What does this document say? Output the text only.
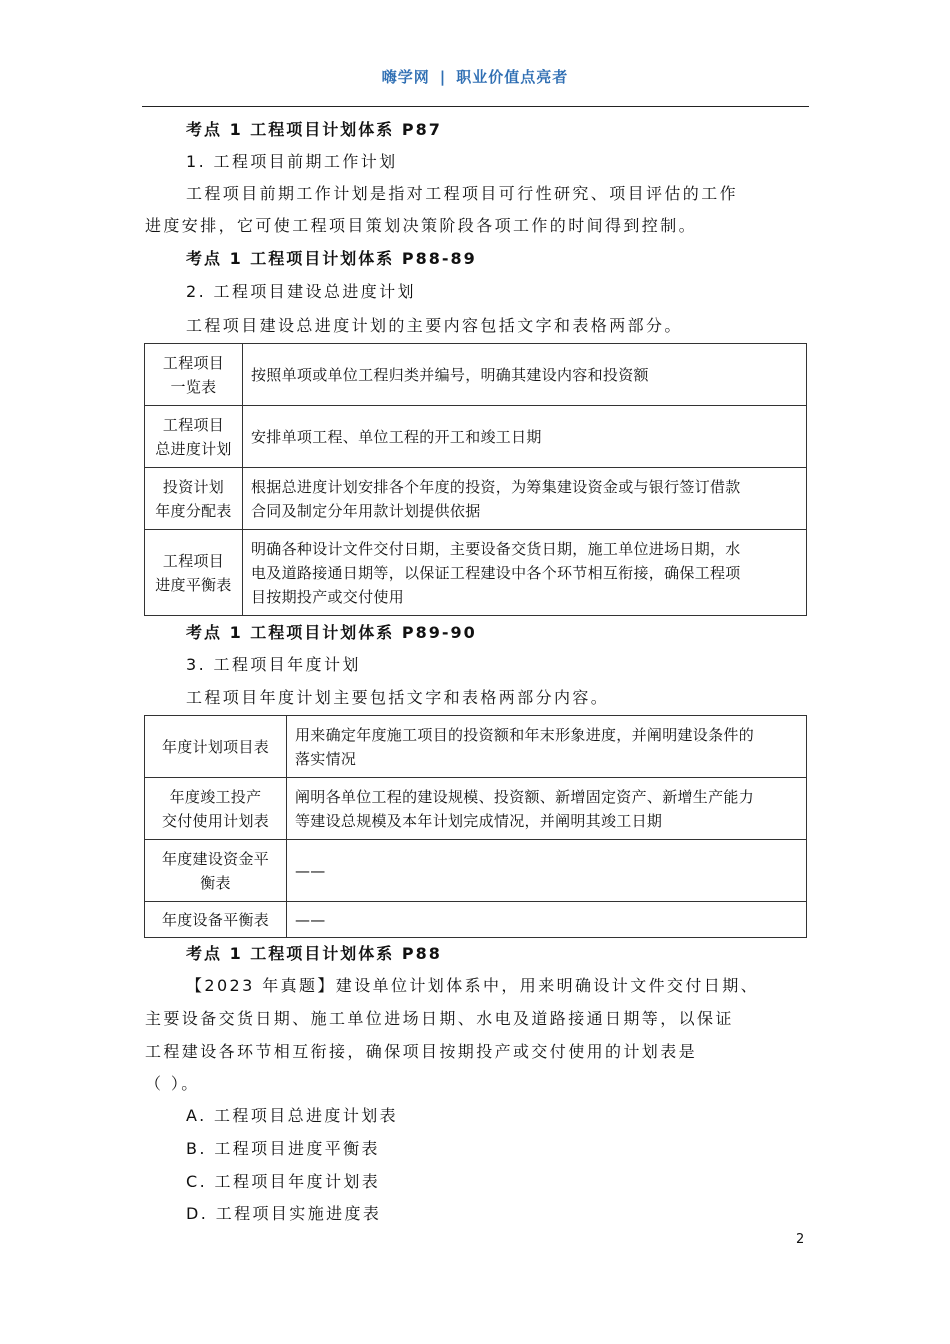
嗨学网 | 职业价值点亮者
考点 1 工程项目计划体系 P87
1. 工程项目前期工作计划
工程项目前期工作计划是指对工程项目可行性研究、项目评估的工作
进度安排，它可使工程项目策划决策阶段各项工作的时间得到控制。
考点 1 工程项目计划体系 P88-89
2. 工程项目建设总进度计划
工程项目建设总进度计划的主要内容包括文字和表格两部分。
工程项目
一览表	按照单项或单位工程归类并编号，明确其建设内容和投资额
工程项目
总进度计划	安排单项工程、单位工程的开工和竣工日期
投资计划
年度分配表	根据总进度计划安排各个年度的投资，为筹集建设资金或与银行签订借款
合同及制定分年用款计划提供依据
工程项目
进度平衡表	明确各种设计文件交付日期，主要设备交货日期，施工单位进场日期，水
电及道路接通日期等，以保证工程建设中各个环节相互衔接，确保工程项
目按期投产或交付使用
考点 1 工程项目计划体系 P89-90
3. 工程项目年度计划
工程项目年度计划主要包括文字和表格两部分内容。
年度计划项目表	用来确定年度施工项目的投资额和年末形象进度，并阐明建设条件的
落实情况
年度竣工投产
交付使用计划表	阐明各单位工程的建设规模、投资额、新增固定资产、新增生产能力
等建设总规模及本年计划完成情况，并阐明其竣工日期
年度建设资金平
衡表	——
年度设备平衡表	——
考点 1 工程项目计划体系 P88
【2023 年真题】建设单位计划体系中，用来明确设计文件交付日期、
主要设备交货日期、施工单位进场日期、水电及道路接通日期等，以保证
工程建设各环节相互衔接，确保项目按期投产或交付使用的计划表是
（ ）。
A. 工程项目总进度计划表
B. 工程项目进度平衡表
C. 工程项目年度计划表
D. 工程项目实施进度表
2
